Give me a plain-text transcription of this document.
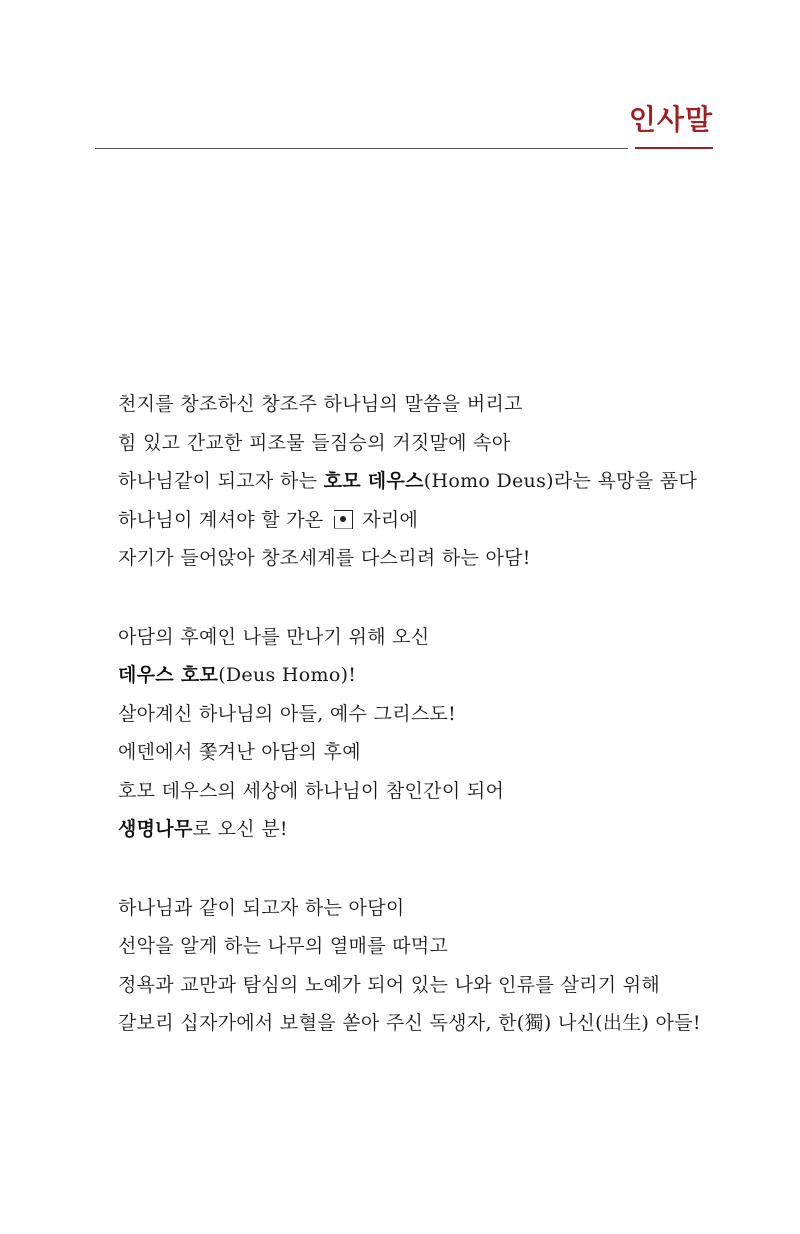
인사말
천지를 창조하신 창조주 하나님의 말씀을 버리고
힘 있고 간교한 피조물 들짐승의 거짓말에 속아
하나님같이 되고자 하는 호모 데우스(Homo Deus)라는 욕망을 품다
하나님이 계셔야 할 가온
자리에
자기가 들어앉아 창조세계를 다스리려 하는 아담!
아담의 후예인 나를 만나기 위해 오신
데우스 호모(Deus Homo)!
살아계신 하나님의 아들, 예수 그리스도!
에덴에서 쫓겨난 아담의 후예
호모 데우스의 세상에 하나님이 참인간이 되어
생명나무로 오신 분!
하나님과 같이 되고자 하는 아담이
선악을 알게 하는 나무의 열매를 따먹고
정욕과 교만과 탐심의 노예가 되어 있는 나와 인류를 살리기 위해
갈보리 십자가에서 보혈을 쏟아 주신 독생자, 한(獨) 나신(出生) 아들!
